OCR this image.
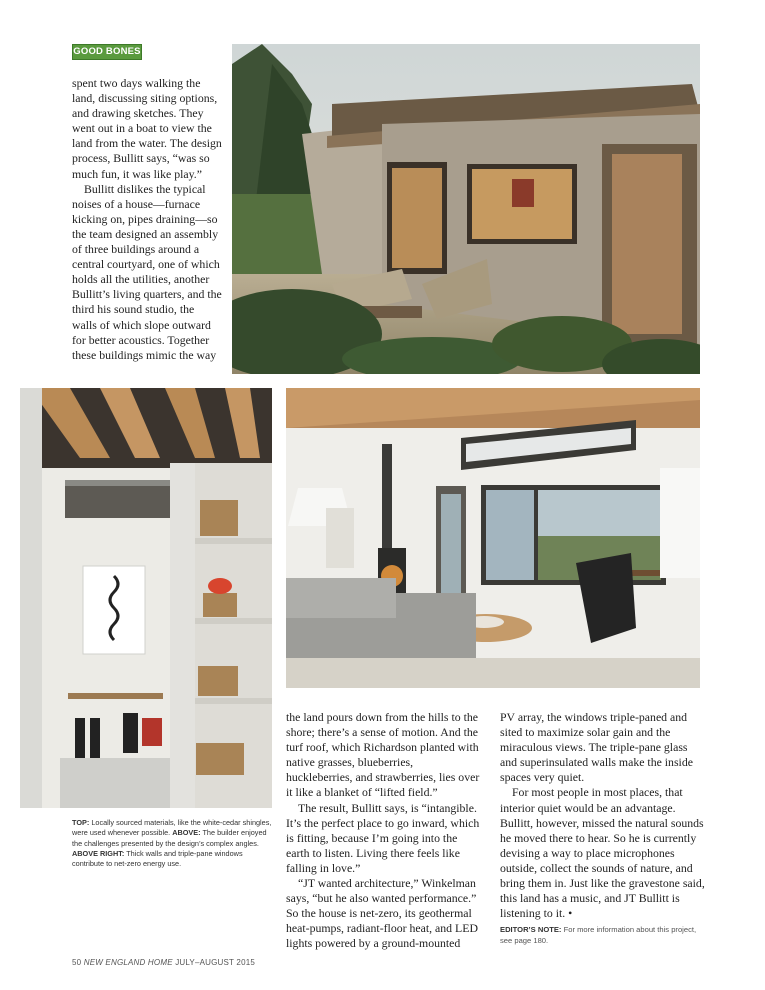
GOOD BONES

spent two days walking the land, discussing siting options, and drawing sketches. They went out in a boat to view the land from the water. The design process, Bullitt says, “was so much fun, it was like play.”

Bullitt dislikes the typical noises of a house—furnace kicking on, pipes draining—so the team designed an assembly of three buildings around a central courtyard, one of which holds all the utilities, another Bullitt’s living quarters, and the third his sound studio, the walls of which slope outward for better acoustics. Together these buildings mimic the way

the land pours down from the hills to the shore; there’s a sense of motion. And the turf roof, which Richardson planted with native grasses, blueberries, huckleberries, and strawberries, lies over it like a blanket of “lifted field.”

The result, Bullitt says, is “intangible. It’s the perfect place to go inward, which is fitting, because I’m going into the earth to listen. Living there feels like falling in love.”

“JT wanted architecture,” Winkelman says, “but he also wanted performance.” So the house is net-zero, its geothermal heat-pumps, radiant-floor heat, and LED lights powered by a ground-mounted

PV array, the windows triple-paned and sited to maximize solar gain and the miraculous views. The triple-pane glass and superinsulated walls make the inside spaces very quiet.

For most people in most places, that interior quiet would be an advantage. Bullitt, however, missed the natural sounds he moved there to hear. So he is currently devising a way to place microphones outside, collect the sounds of nature, and bring them in. Just like the gravestone said, this land has a music, and JT Bullitt is listening to it. •

TOP: Locally sourced materials, like the white-cedar shingles, were used whenever possible. ABOVE: The builder enjoyed the challenges presented by the design’s complex angles. ABOVE RIGHT: Thick walls and triple-pane windows contribute to net-zero energy use.
EDITOR’S NOTE: For more information about this project, see page 180.
50 NEW ENGLAND HOME JULY–AUGUST 2015
